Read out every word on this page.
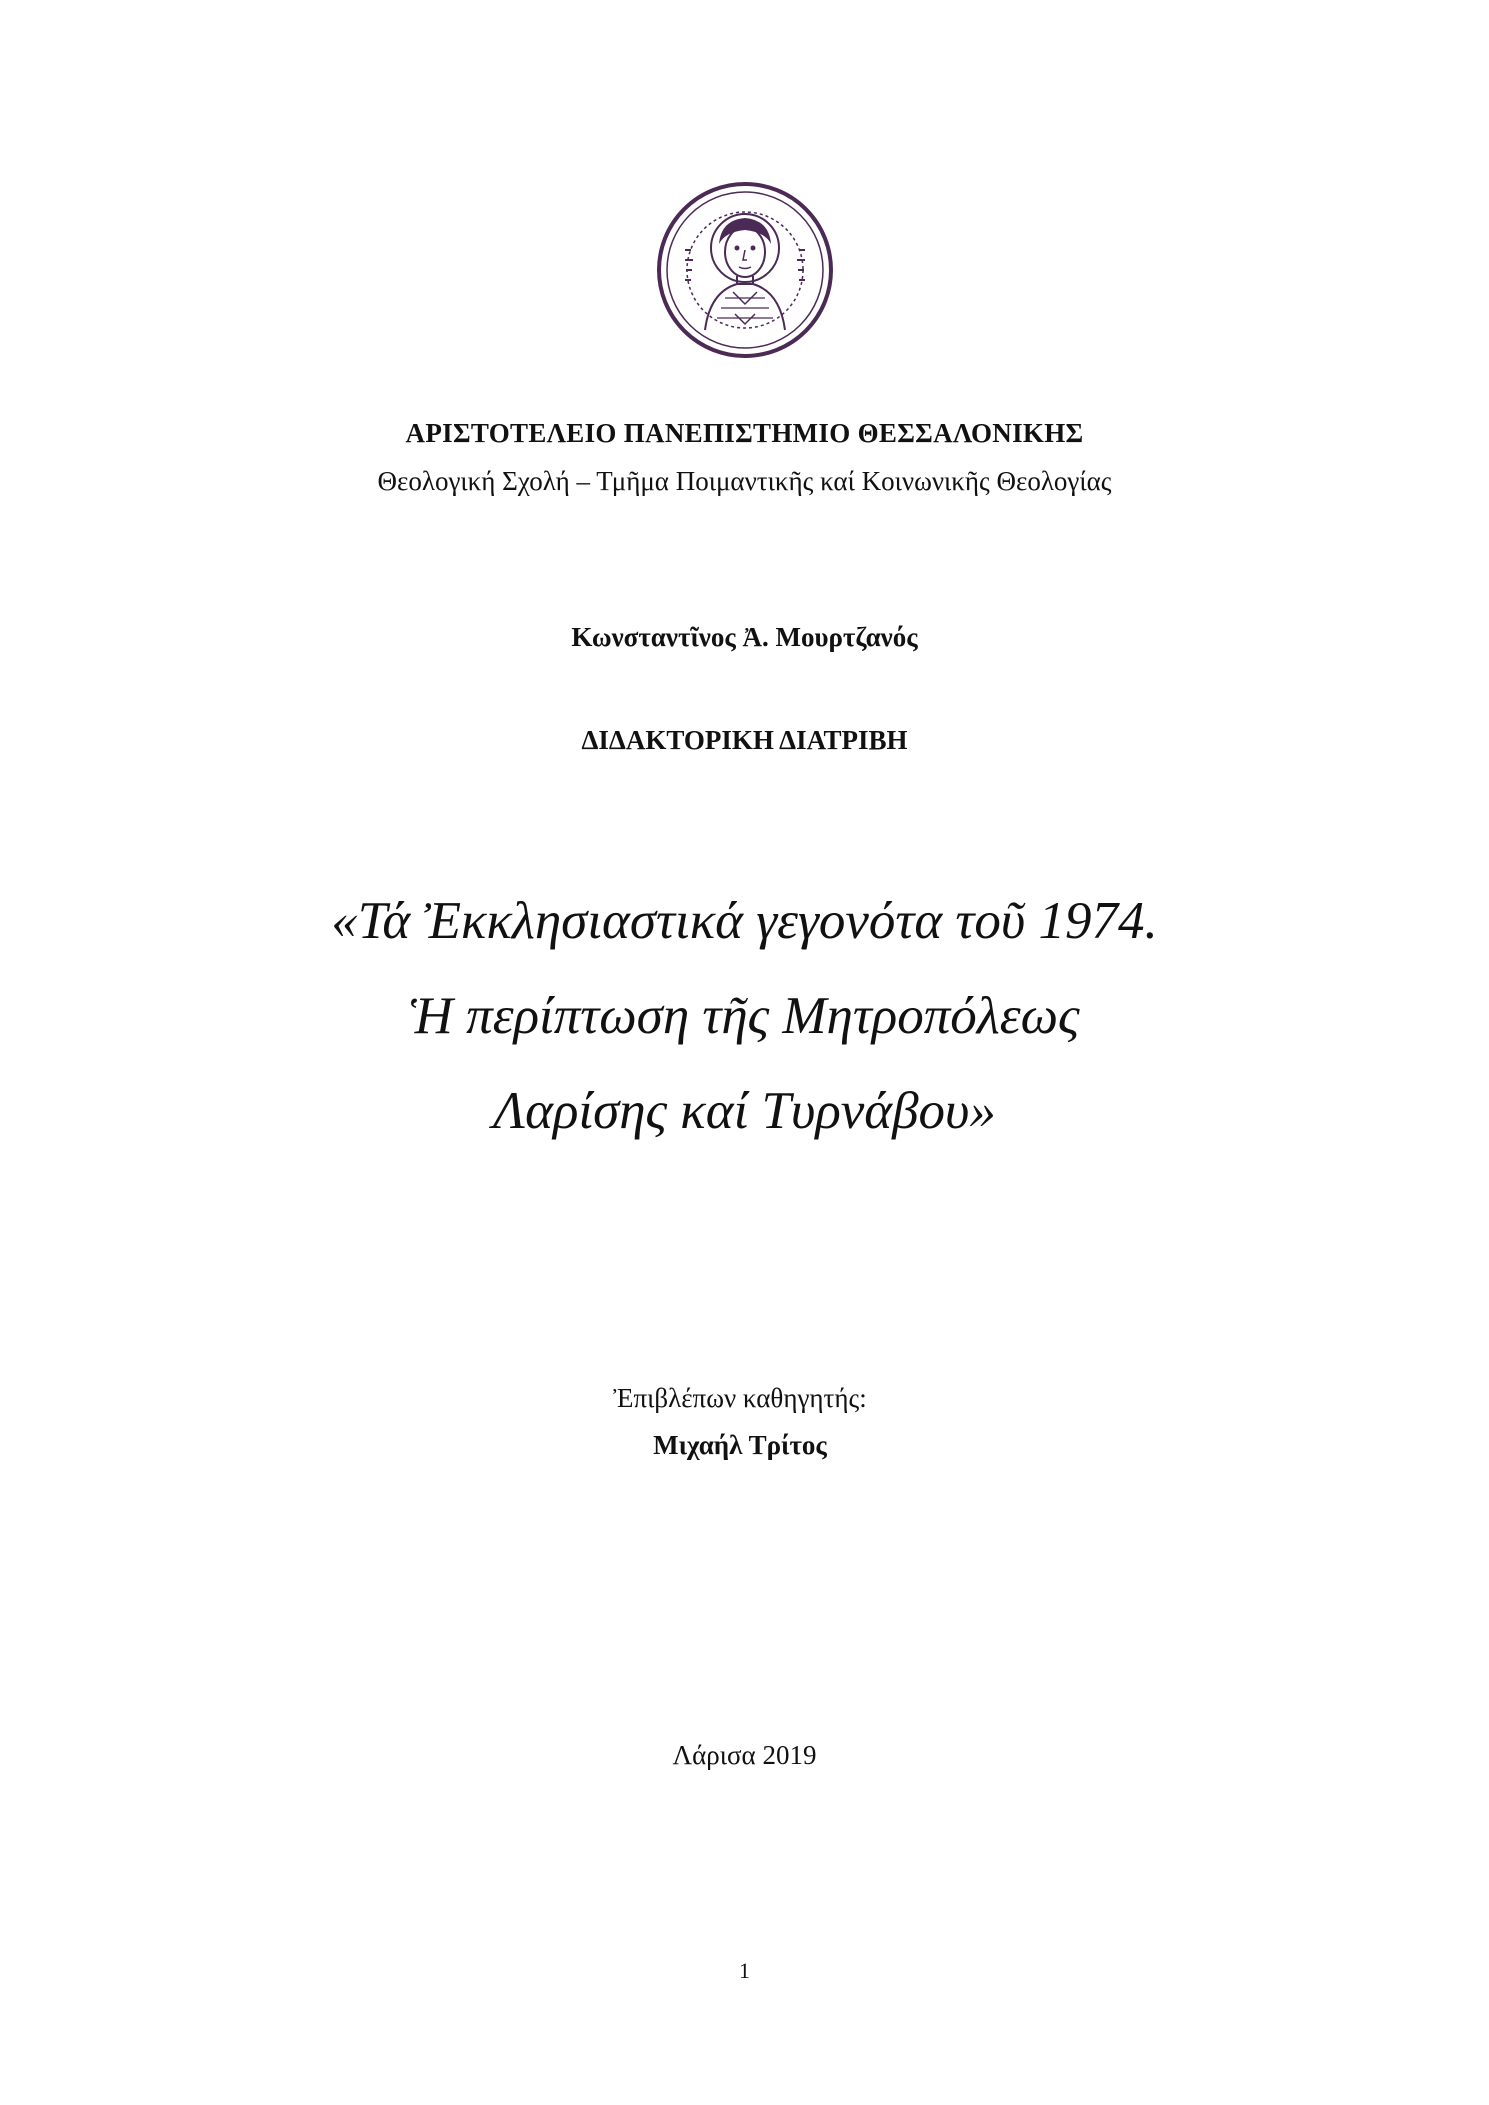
ΑΡΙΣΤΟΤΕΛΕΙΟ ΠΑΝΕΠΙΣΤΗΜΙΟ ΘΕΣΣΑΛΟΝΙΚΗΣ
Θεολογική Σχολή – Τμῆμα Ποιμαντικῆς καί Κοινωνικῆς Θεολογίας
Κωνσταντῖνος Ἀ. Μουρτζανός
ΔΙΔΑΚΤΟΡΙΚΗ ΔΙΑΤΡΙΒΗ
«Τά Ἐκκλησιαστικά γεγονότα τοῦ 1974.
Ἡ περίπτωση τῆς Μητροπόλεως
Λαρίσης καί Τυρνάβου»
Ἐπιβλέπων καθηγητής:
Μιχαήλ Τρίτος
Λάρισα 2019
1
